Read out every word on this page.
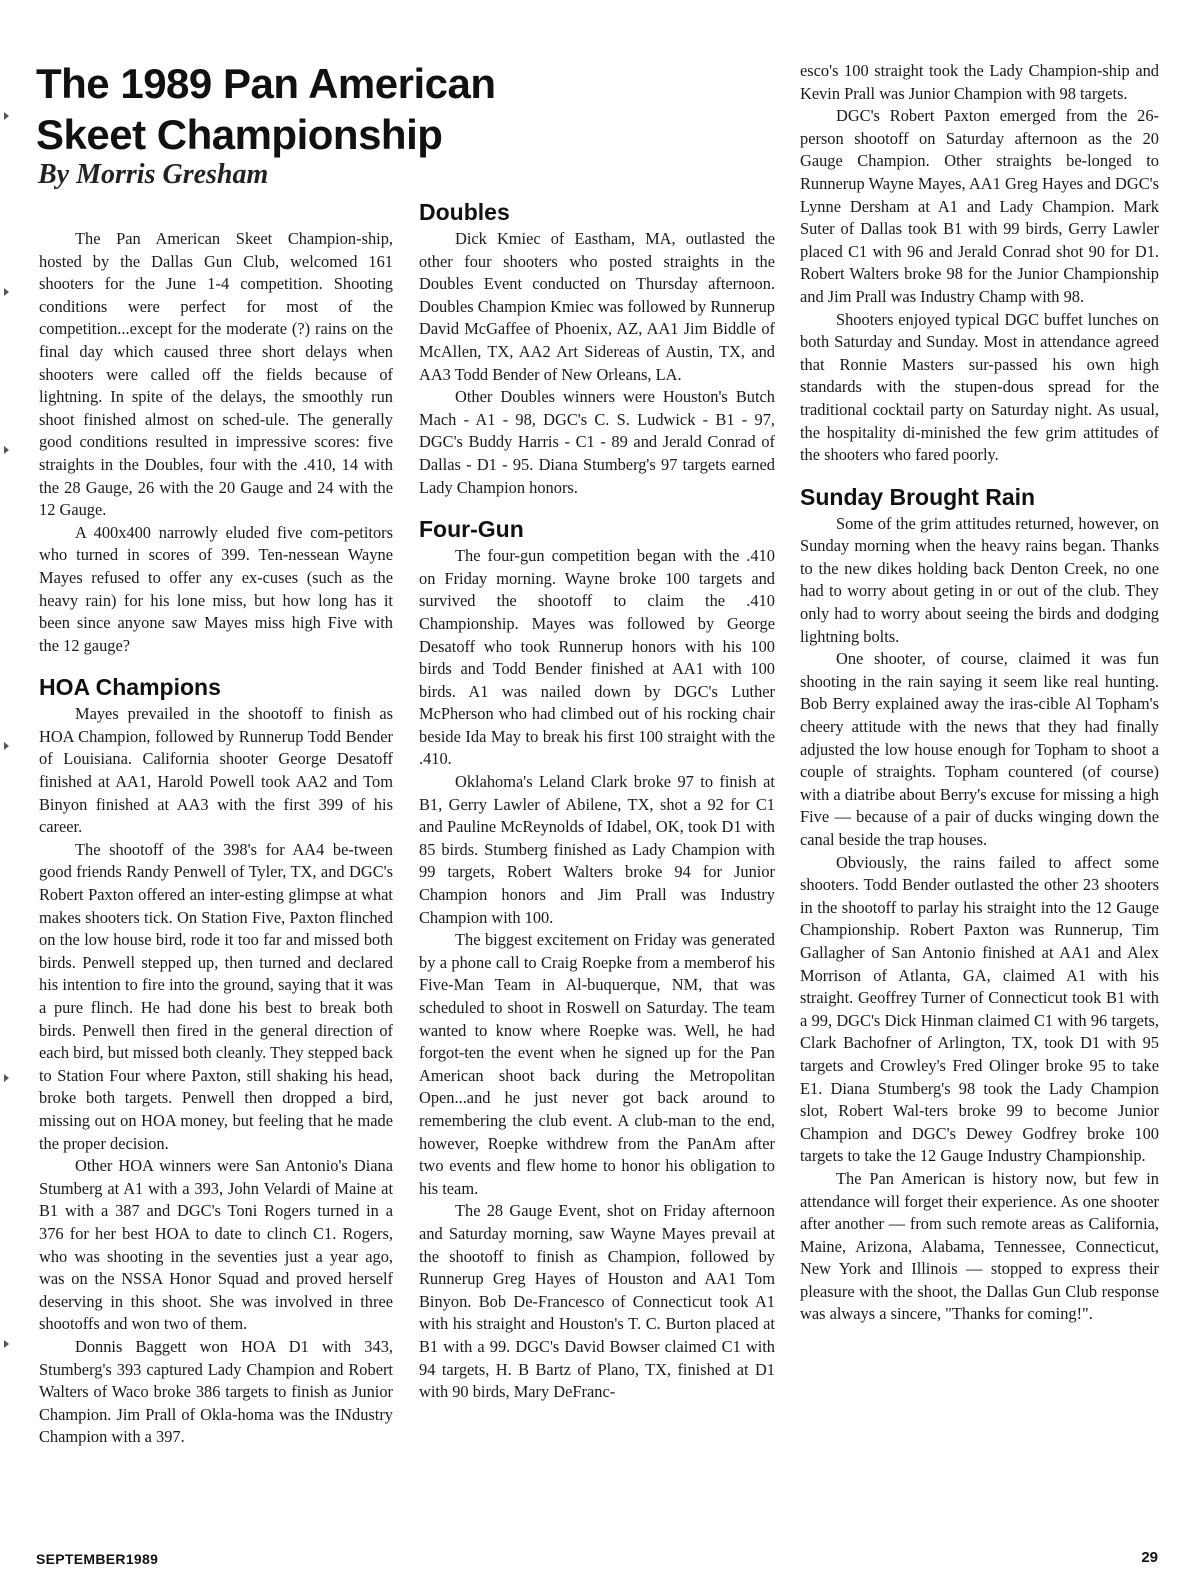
The 1989 Pan American
Skeet Championship
By Morris Gresham

The Pan American Skeet Champion-ship, hosted by the Dallas Gun Club, welcomed 161 shooters for the June 1-4 competition. Shooting conditions were perfect for most of the competition...except for the moderate (?) rains on the final day which caused three short delays when shooters were called off the fields because of lightning. In spite of the delays, the smoothly run shoot finished almost on sched-ule. The generally good conditions resulted in impressive scores: five straights in the Doubles, four with the .410, 14 with the 28 Gauge, 26 with the 20 Gauge and 24 with the 12 Gauge.

A 400x400 narrowly eluded five com-petitors who turned in scores of 399. Ten-nessean Wayne Mayes refused to offer any ex-cuses (such as the heavy rain) for his lone miss, but how long has it been since anyone saw Mayes miss high Five with the 12 gauge?

HOA Champions

Mayes prevailed in the shootoff to finish as HOA Champion, followed by Runnerup Todd Bender of Louisiana. California shooter George Desatoff finished at AA1, Harold Powell took AA2 and Tom Binyon finished at AA3 with the first 399 of his career.

The shootoff of the 398's for AA4 be-tween good friends Randy Penwell of Tyler, TX, and DGC's Robert Paxton offered an inter-esting glimpse at what makes shooters tick. On Station Five, Paxton flinched on the low house bird, rode it too far and missed both birds. Penwell stepped up, then turned and declared his intention to fire into the ground, saying that it was a pure flinch. He had done his best to break both birds. Penwell then fired in the general direction of each bird, but missed both cleanly. They stepped back to Station Four where Paxton, still shaking his head, broke both targets. Penwell then dropped a bird, missing out on HOA money, but feeling that he made the proper decision.

Other HOA winners were San Antonio's Diana Stumberg at A1 with a 393, John Velardi of Maine at B1 with a 387 and DGC's Toni Rogers turned in a 376 for her best HOA to date to clinch C1. Rogers, who was shooting in the seventies just a year ago, was on the NSSA Honor Squad and proved herself deserving in this shoot. She was involved in three shootoffs and won two of them.

Donnis Baggett won HOA D1 with 343, Stumberg's 393 captured Lady Champion and Robert Walters of Waco broke 386 targets to finish as Junior Champion. Jim Prall of Okla-homa was the INdustry Champion with a 397.

Doubles

Dick Kmiec of Eastham, MA, outlasted the other four shooters who posted straights in the Doubles Event conducted on Thursday afternoon. Doubles Champion Kmiec was followed by Runnerup David McGaffee of Phoenix, AZ, AA1 Jim Biddle of McAllen, TX, AA2 Art Sidereas of Austin, TX, and AA3 Todd Bender of New Orleans, LA.

Other Doubles winners were Houston's Butch Mach - A1 - 98, DGC's C. S. Ludwick - B1 - 97, DGC's Buddy Harris - C1 - 89 and Jerald Conrad of Dallas - D1 - 95. Diana Stumberg's 97 targets earned Lady Champion honors.

Four-Gun

The four-gun competition began with the .410 on Friday morning. Wayne broke 100 targets and survived the shootoff to claim the .410 Championship. Mayes was followed by George Desatoff who took Runnerup honors with his 100 birds and Todd Bender finished at AA1 with 100 birds. A1 was nailed down by DGC's Luther McPherson who had climbed out of his rocking chair beside Ida May to break his first 100 straight with the .410.

Oklahoma's Leland Clark broke 97 to finish at B1, Gerry Lawler of Abilene, TX, shot a 92 for C1 and Pauline McReynolds of Idabel, OK, took D1 with 85 birds. Stumberg finished as Lady Champion with 99 targets, Robert Walters broke 94 for Junior Champion honors and Jim Prall was Industry Champion with 100.

The biggest excitement on Friday was generated by a phone call to Craig Roepke from a memberof his Five-Man Team in Al-buquerque, NM, that was scheduled to shoot in Roswell on Saturday. The team wanted to know where Roepke was. Well, he had forgot-ten the event when he signed up for the Pan American shoot back during the Metropolitan Open...and he just never got back around to remembering the club event. A club-man to the end, however, Roepke withdrew from the PanAm after two events and flew home to honor his obligation to his team.

The 28 Gauge Event, shot on Friday afternoon and Saturday morning, saw Wayne Mayes prevail at the shootoff to finish as Champion, followed by Runnerup Greg Hayes of Houston and AA1 Tom Binyon. Bob De-Francesco of Connecticut took A1 with his straight and Houston's T. C. Burton placed at B1 with a 99. DGC's David Bowser claimed C1 with 94 targets, H. B Bartz of Plano, TX, finished at D1 with 90 birds, Mary DeFranc-

esco's 100 straight took the Lady Champion-ship and Kevin Prall was Junior Champion with 98 targets.

DGC's Robert Paxton emerged from the 26-person shootoff on Saturday afternoon as the 20 Gauge Champion. Other straights be-longed to Runnerup Wayne Mayes, AA1 Greg Hayes and DGC's Lynne Dersham at A1 and Lady Champion. Mark Suter of Dallas took B1 with 99 birds, Gerry Lawler placed C1 with 96 and Jerald Conrad shot 90 for D1. Robert Walters broke 98 for the Junior Championship and Jim Prall was Industry Champ with 98.

Shooters enjoyed typical DGC buffet lunches on both Saturday and Sunday. Most in attendance agreed that Ronnie Masters sur-passed his own high standards with the stupen-dous spread for the traditional cocktail party on Saturday night. As usual, the hospitality di-minished the few grim attitudes of the shooters who fared poorly.

Sunday Brought Rain

Some of the grim attitudes returned, however, on Sunday morning when the heavy rains began. Thanks to the new dikes holding back Denton Creek, no one had to worry about geting in or out of the club. They only had to worry about seeing the birds and dodging lightning bolts.

One shooter, of course, claimed it was fun shooting in the rain saying it seem like real hunting. Bob Berry explained away the iras-cible Al Topham's cheery attitude with the news that they had finally adjusted the low house enough for Topham to shoot a couple of straights. Topham countered (of course) with a diatribe about Berry's excuse for missing a high Five — because of a pair of ducks winging down the canal beside the trap houses.

Obviously, the rains failed to affect some shooters. Todd Bender outlasted the other 23 shooters in the shootoff to parlay his straight into the 12 Gauge Championship. Robert Paxton was Runnerup, Tim Gallagher of San Antonio finished at AA1 and Alex Morrison of Atlanta, GA, claimed A1 with his straight. Geoffrey Turner of Connecticut took B1 with a 99, DGC's Dick Hinman claimed C1 with 96 targets, Clark Bachofner of Arlington, TX, took D1 with 95 targets and Crowley's Fred Olinger broke 95 to take E1. Diana Stumberg's 98 took the Lady Champion slot, Robert Wal-ters broke 99 to become Junior Champion and DGC's Dewey Godfrey broke 100 targets to take the 12 Gauge Industry Championship.

The Pan American is history now, but few in attendance will forget their experience. As one shooter after another — from such remote areas as California, Maine, Arizona, Alabama, Tennessee, Connecticut, New York and Illinois — stopped to express their pleasure with the shoot, the Dallas Gun Club response was always a sincere, "Thanks for coming!".

SEPTEMBER1989	29
